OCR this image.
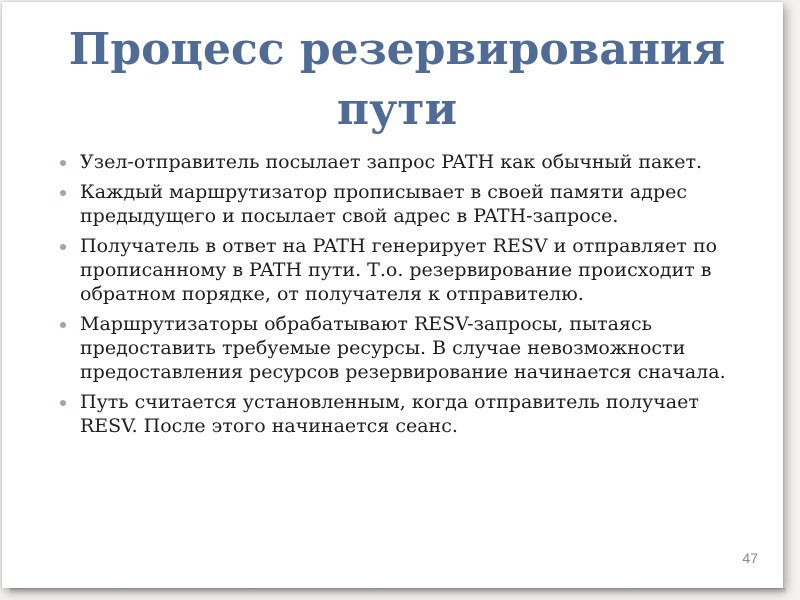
Процесс резервирования пути
Узел-отправитель посылает запрос PATH как обычный пакет.
Каждый маршрутизатор прописывает в своей памяти адрес предыдущего и посылает свой адрес в PATH-запросе.
Получатель в ответ на PATH генерирует RESV и отправляет по прописанному в PATH пути. Т.о. резервирование происходит в обратном порядке, от получателя к отправителю.
Маршрутизаторы обрабатывают RESV-запросы, пытаясь предоставить требуемые ресурсы. В случае невозможности предоставления ресурсов резервирование начинается сначала.
Путь считается установленным, когда отправитель получает RESV. После этого начинается сеанс.
47
